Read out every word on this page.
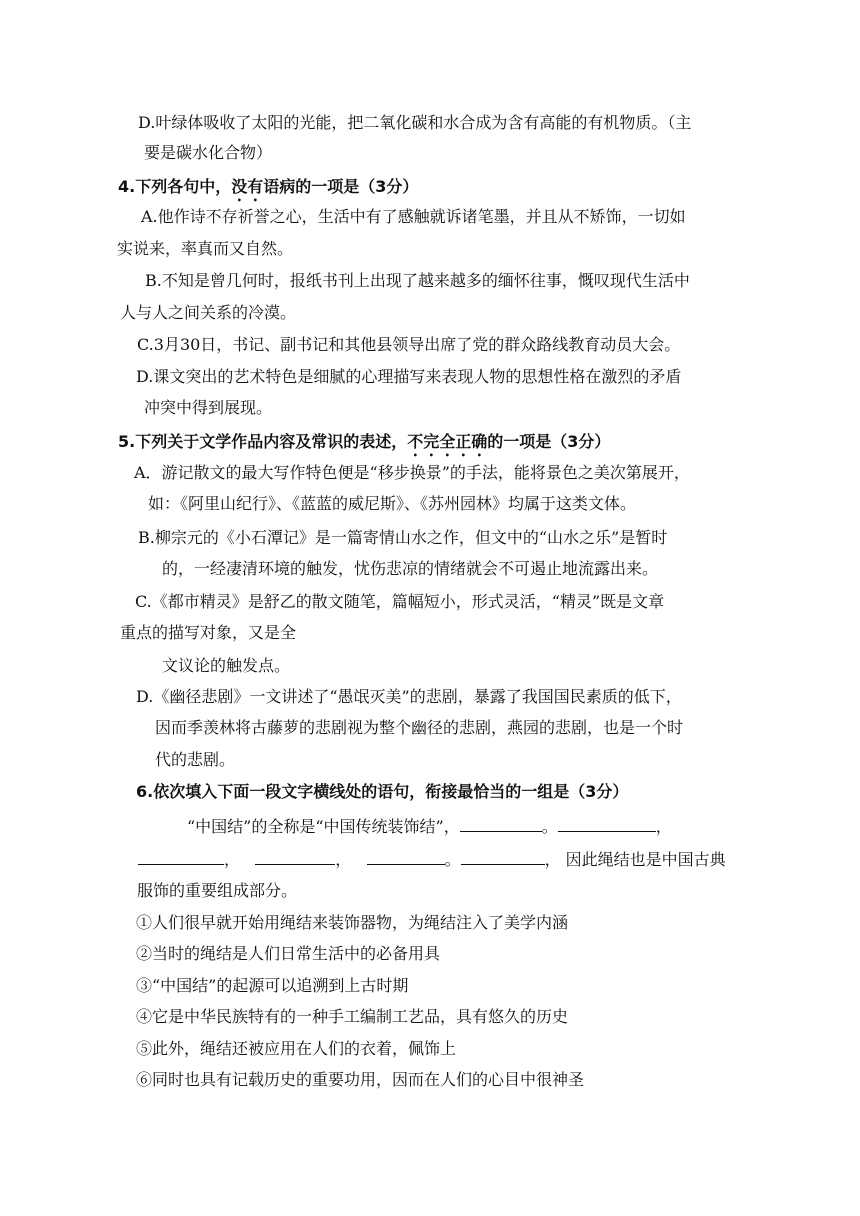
D.叶绿体吸收了太阳的光能，把二氧化碳和水合成为含有高能的有机物质。（主
要是碳水化合物）
4.下列各句中，没有语病的一项是（3分）
A.他作诗不存祈誉之心，生活中有了感触就诉诸笔墨，并且从不矫饰，一切如
实说来，率真而又自然。
B.不知是曾几何时，报纸书刊上出现了越来越多的缅怀往事，慨叹现代生活中
人与人之间关系的冷漠。
C.3月30日，书记、副书记和其他县领导出席了党的群众路线教育动员大会。
D.课文突出的艺术特色是细腻的心理描写来表现人物的思想性格在激烈的矛盾
冲突中得到展现。
5.下列关于文学作品内容及常识的表述，不完全正确的一项是（3分）
A．游记散文的最大写作特色便是“移步换景”的手法，能将景色之美次第展开，
如：《阿里山纪行》、《蓝蓝的威尼斯》、《苏州园林》均属于这类文体。
B.柳宗元的《小石潭记》是一篇寄情山水之作，但文中的“山水之乐”是暂时
的，一经凄清环境的触发，忧伤悲凉的情绪就会不可遏止地流露出来。
C.《都市精灵》是舒乙的散文随笔，篇幅短小，形式灵活，“精灵”既是文章
重点的描写对象，又是全
文议论的触发点。
D.《幽径悲剧》一文讲述了“愚氓灭美”的悲剧，暴露了我国国民素质的低下，
因而季羡林将古藤萝的悲剧视为整个幽径的悲剧，燕园的悲剧，也是一个时
代的悲剧。
6.依次填入下面一段文字横线处的语句，衔接最恰当的一组是（3分）
“中国结”的全称是“中国传统装饰结”，	。	，
，	，	。	， 因此绳结也是中国古典
服饰的重要组成部分。
①人们很早就开始用绳结来装饰器物，为绳结注入了美学内涵
②当时的绳结是人们日常生活中的必备用具
③“中国结”的起源可以追溯到上古时期
④它是中华民族特有的一种手工编制工艺品，具有悠久的历史
⑤此外，绳结还被应用在人们的衣着，佩饰上
⑥同时也具有记载历史的重要功用，因而在人们的心目中很神圣
